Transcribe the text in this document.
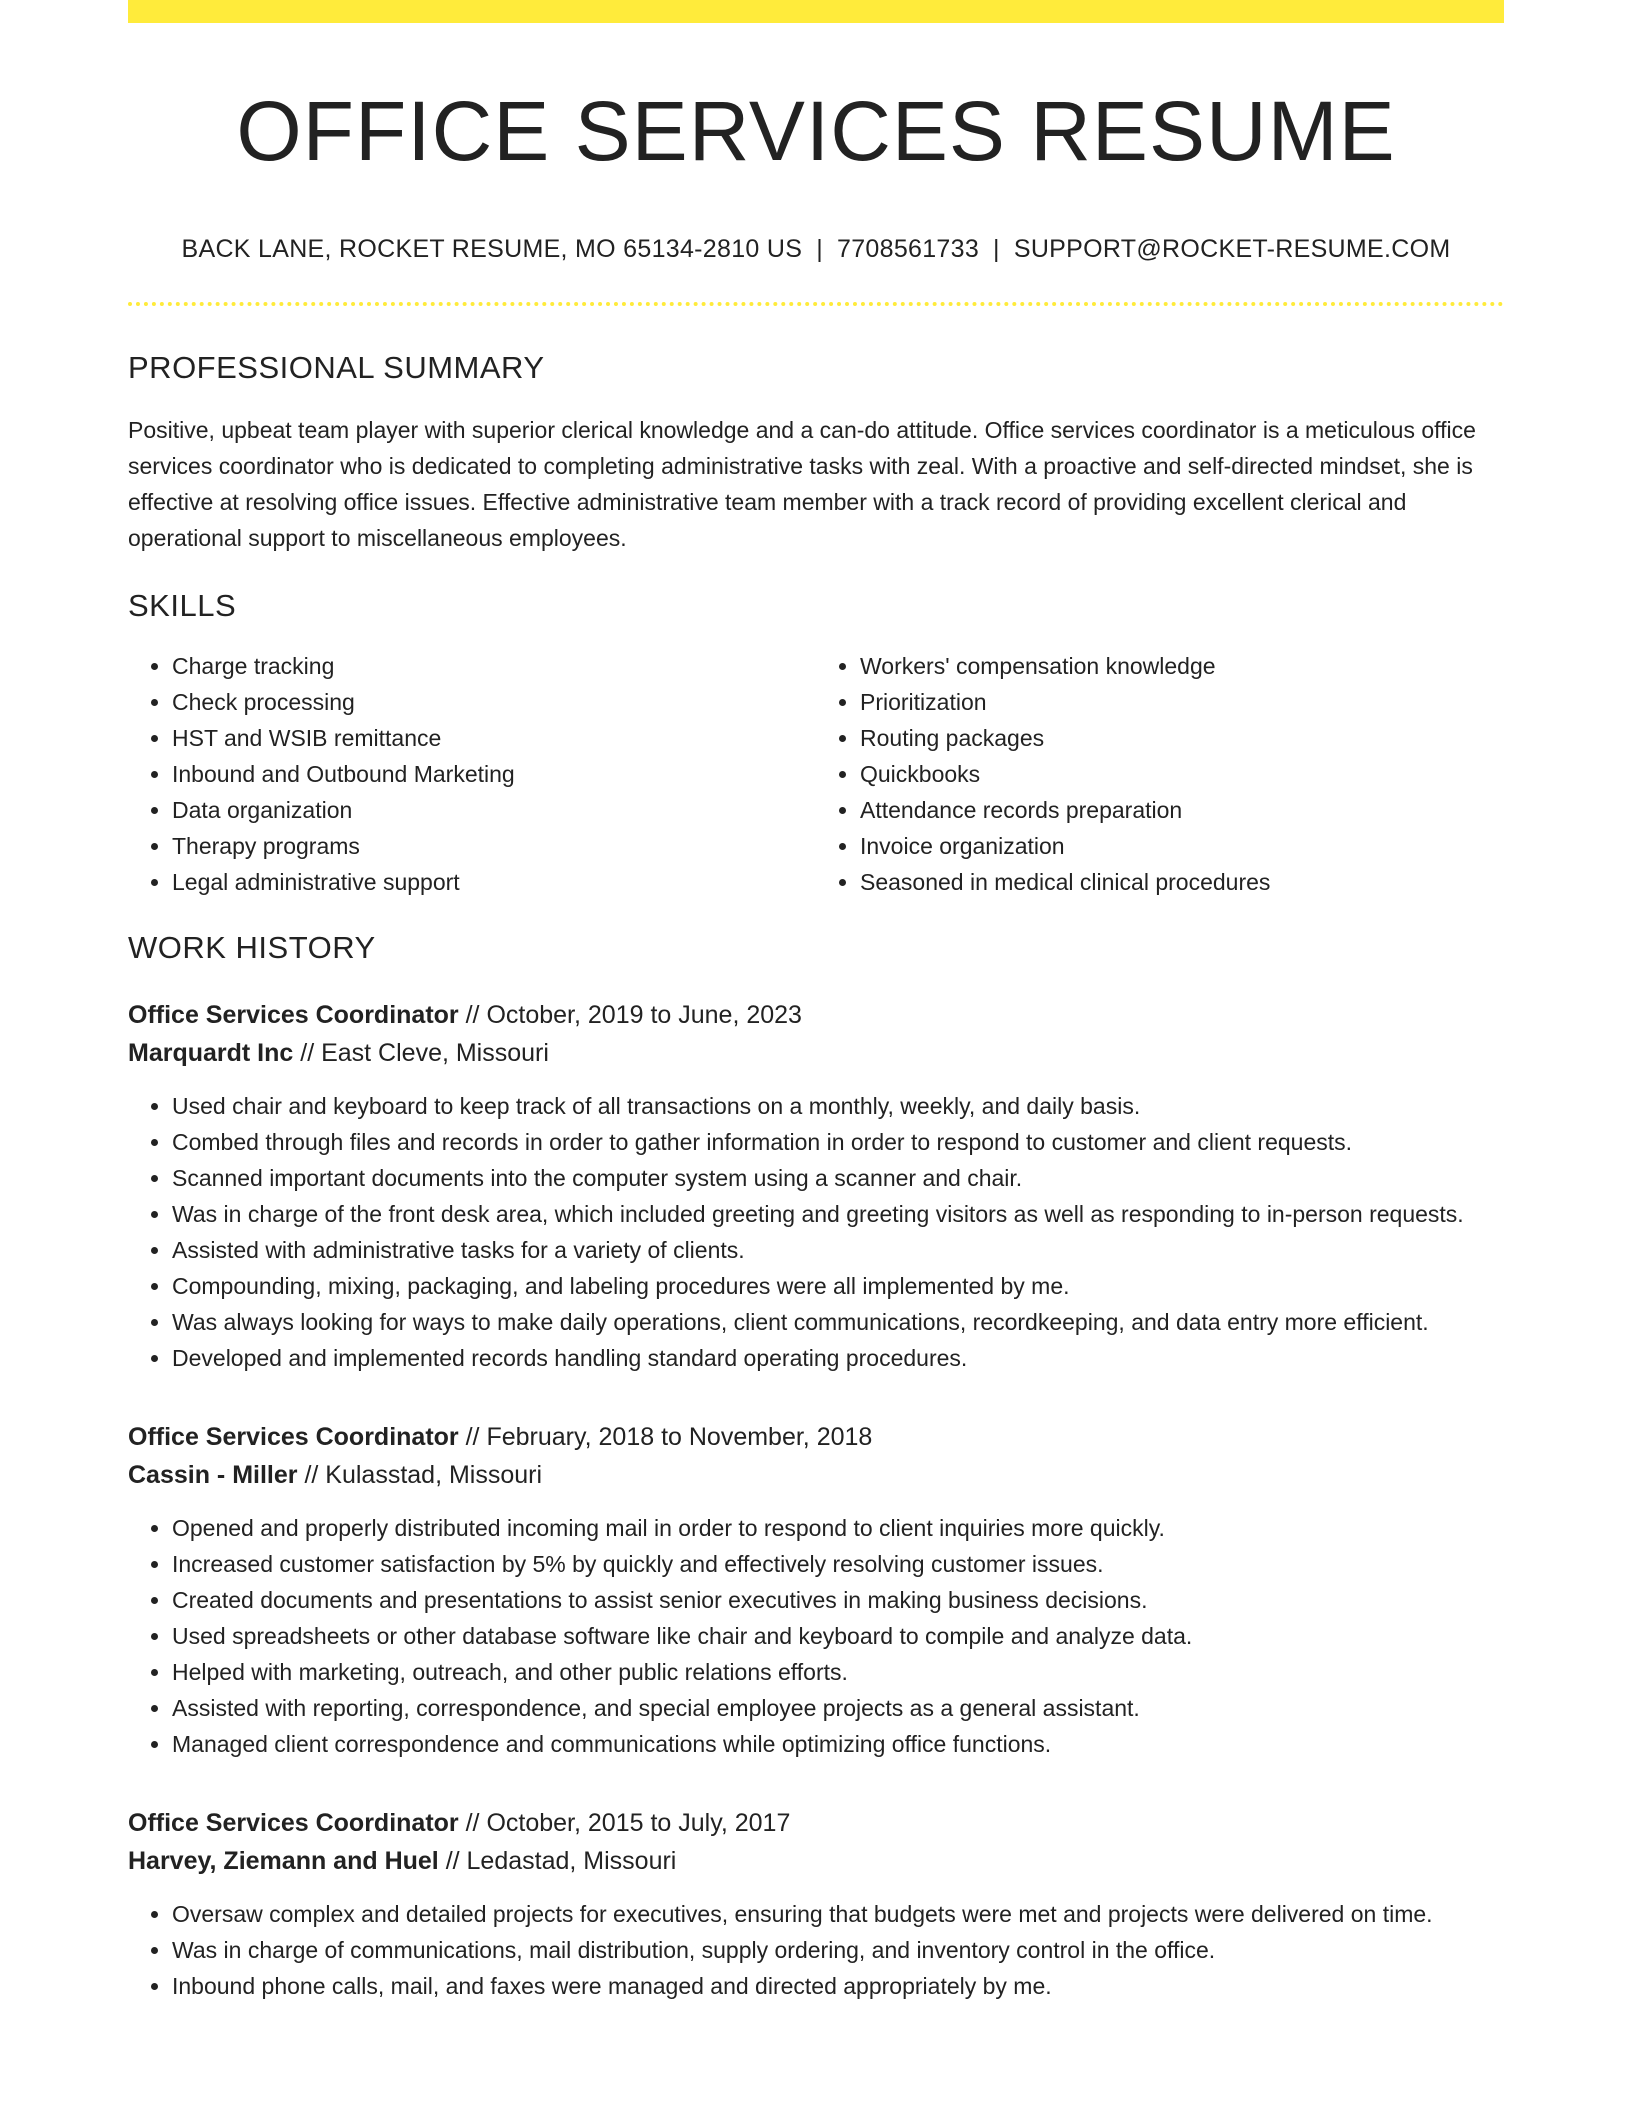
OFFICE SERVICES RESUME
BACK LANE, ROCKET RESUME, MO 65134-2810 US | 7708561733 | SUPPORT@ROCKET-RESUME.COM
PROFESSIONAL SUMMARY

Positive, upbeat team player with superior clerical knowledge and a can-do attitude. Office services coordinator is a meticulous office services coordinator who is dedicated to completing administrative tasks with zeal. With a proactive and self-directed mindset, she is effective at resolving office issues. Effective administrative team member with a track record of providing excellent clerical and operational support to miscellaneous employees.

SKILLS
• Charge tracking
• Check processing
• HST and WSIB remittance
• Inbound and Outbound Marketing
• Data organization
• Therapy programs
• Legal administrative support
• Workers' compensation knowledge
• Prioritization
• Routing packages
• Quickbooks
• Attendance records preparation
• Invoice organization
• Seasoned in medical clinical procedures
WORK HISTORY
Office Services Coordinator // October, 2019 to June, 2023
Marquardt Inc // East Cleve, Missouri
• Used chair and keyboard to keep track of all transactions on a monthly, weekly, and daily basis.
• Combed through files and records in order to gather information in order to respond to customer and client requests.
• Scanned important documents into the computer system using a scanner and chair.
• Was in charge of the front desk area, which included greeting and greeting visitors as well as responding to in-person requests.
• Assisted with administrative tasks for a variety of clients.
• Compounding, mixing, packaging, and labeling procedures were all implemented by me.
• Was always looking for ways to make daily operations, client communications, recordkeeping, and data entry more efficient.
• Developed and implemented records handling standard operating procedures.
Office Services Coordinator // February, 2018 to November, 2018
Cassin - Miller // Kulasstad, Missouri
• Opened and properly distributed incoming mail in order to respond to client inquiries more quickly.
• Increased customer satisfaction by 5% by quickly and effectively resolving customer issues.
• Created documents and presentations to assist senior executives in making business decisions.
• Used spreadsheets or other database software like chair and keyboard to compile and analyze data.
• Helped with marketing, outreach, and other public relations efforts.
• Assisted with reporting, correspondence, and special employee projects as a general assistant.
• Managed client correspondence and communications while optimizing office functions.
Office Services Coordinator // October, 2015 to July, 2017
Harvey, Ziemann and Huel // Ledastad, Missouri
• Oversaw complex and detailed projects for executives, ensuring that budgets were met and projects were delivered on time.
• Was in charge of communications, mail distribution, supply ordering, and inventory control in the office.
• Inbound phone calls, mail, and faxes were managed and directed appropriately by me.
